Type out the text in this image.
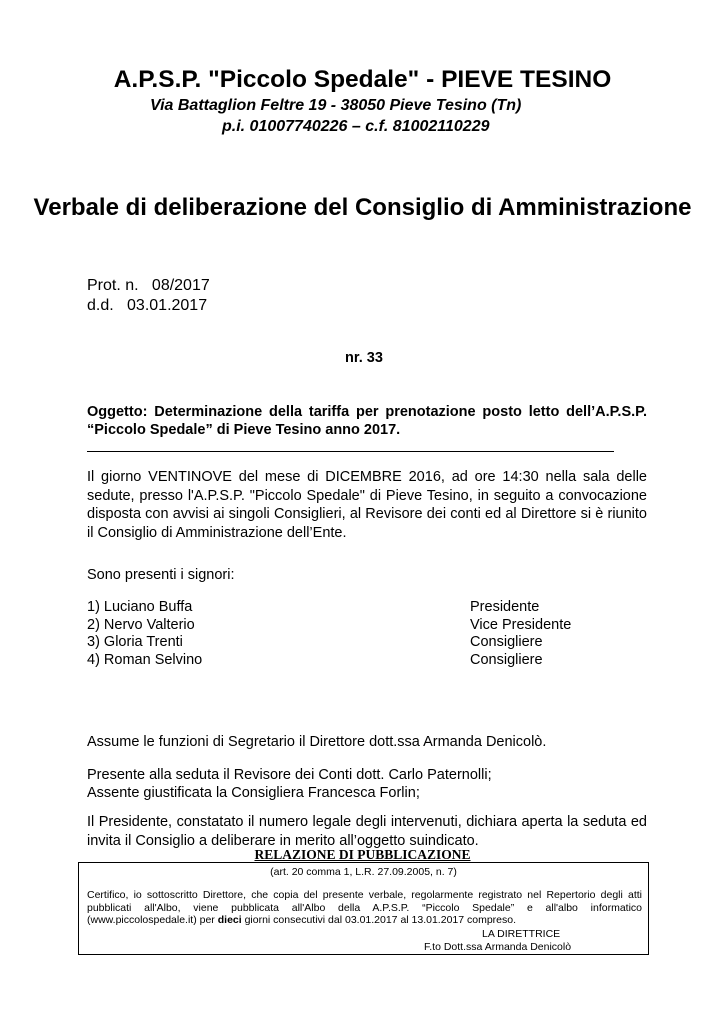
A.P.S.P. "Piccolo Spedale" - PIEVE TESINO
Via Battaglion Feltre 19 - 38050 Pieve Tesino (Tn)
p.i. 01007740226 – c.f. 81002110229
Verbale di deliberazione del Consiglio di Amministrazione
Prot. n.   08/2017
d.d.   03.01.2017
nr. 33
Oggetto: Determinazione della tariffa per prenotazione posto letto dell’A.P.S.P. “Piccolo Spedale” di Pieve Tesino anno 2017.
Il giorno VENTINOVE del mese di DICEMBRE 2016, ad ore 14:30 nella sala delle sedute, presso l'A.P.S.P. "Piccolo Spedale" di Pieve Tesino, in seguito a convocazione disposta con avvisi ai singoli Consiglieri, al Revisore dei conti ed al Direttore si è riunito il Consiglio di Amministrazione dell’Ente.
Sono presenti i signori:
1) Luciano Buffa	Presidente
2) Nervo Valterio	Vice Presidente
3) Gloria Trenti	Consigliere
4) Roman Selvino	Consigliere
Assume le funzioni di Segretario il Direttore dott.ssa Armanda Denicolò.
Presente alla seduta il Revisore dei Conti dott. Carlo Paternolli;
Assente giustificata la Consigliera Francesca Forlin;
Il Presidente, constatato il numero legale degli intervenuti, dichiara aperta la seduta ed invita il Consiglio a deliberare in merito all’oggetto suindicato.
RELAZIONE DI PUBBLICAZIONE
(art. 20 comma 1, L.R. 27.09.2005, n. 7)
Certifico, io sottoscritto Direttore, che copia del presente verbale, regolarmente registrato nel Repertorio degli atti pubblicati all'Albo, viene pubblicata all'Albo della A.P.S.P. “Piccolo Spedale” e all'albo informatico (www.piccolospedale.it) per dieci giorni consecutivi dal 03.01.2017 al 13.01.2017 compreso.
LA DIRETTRICE
F.to Dott.ssa Armanda Denicolò
